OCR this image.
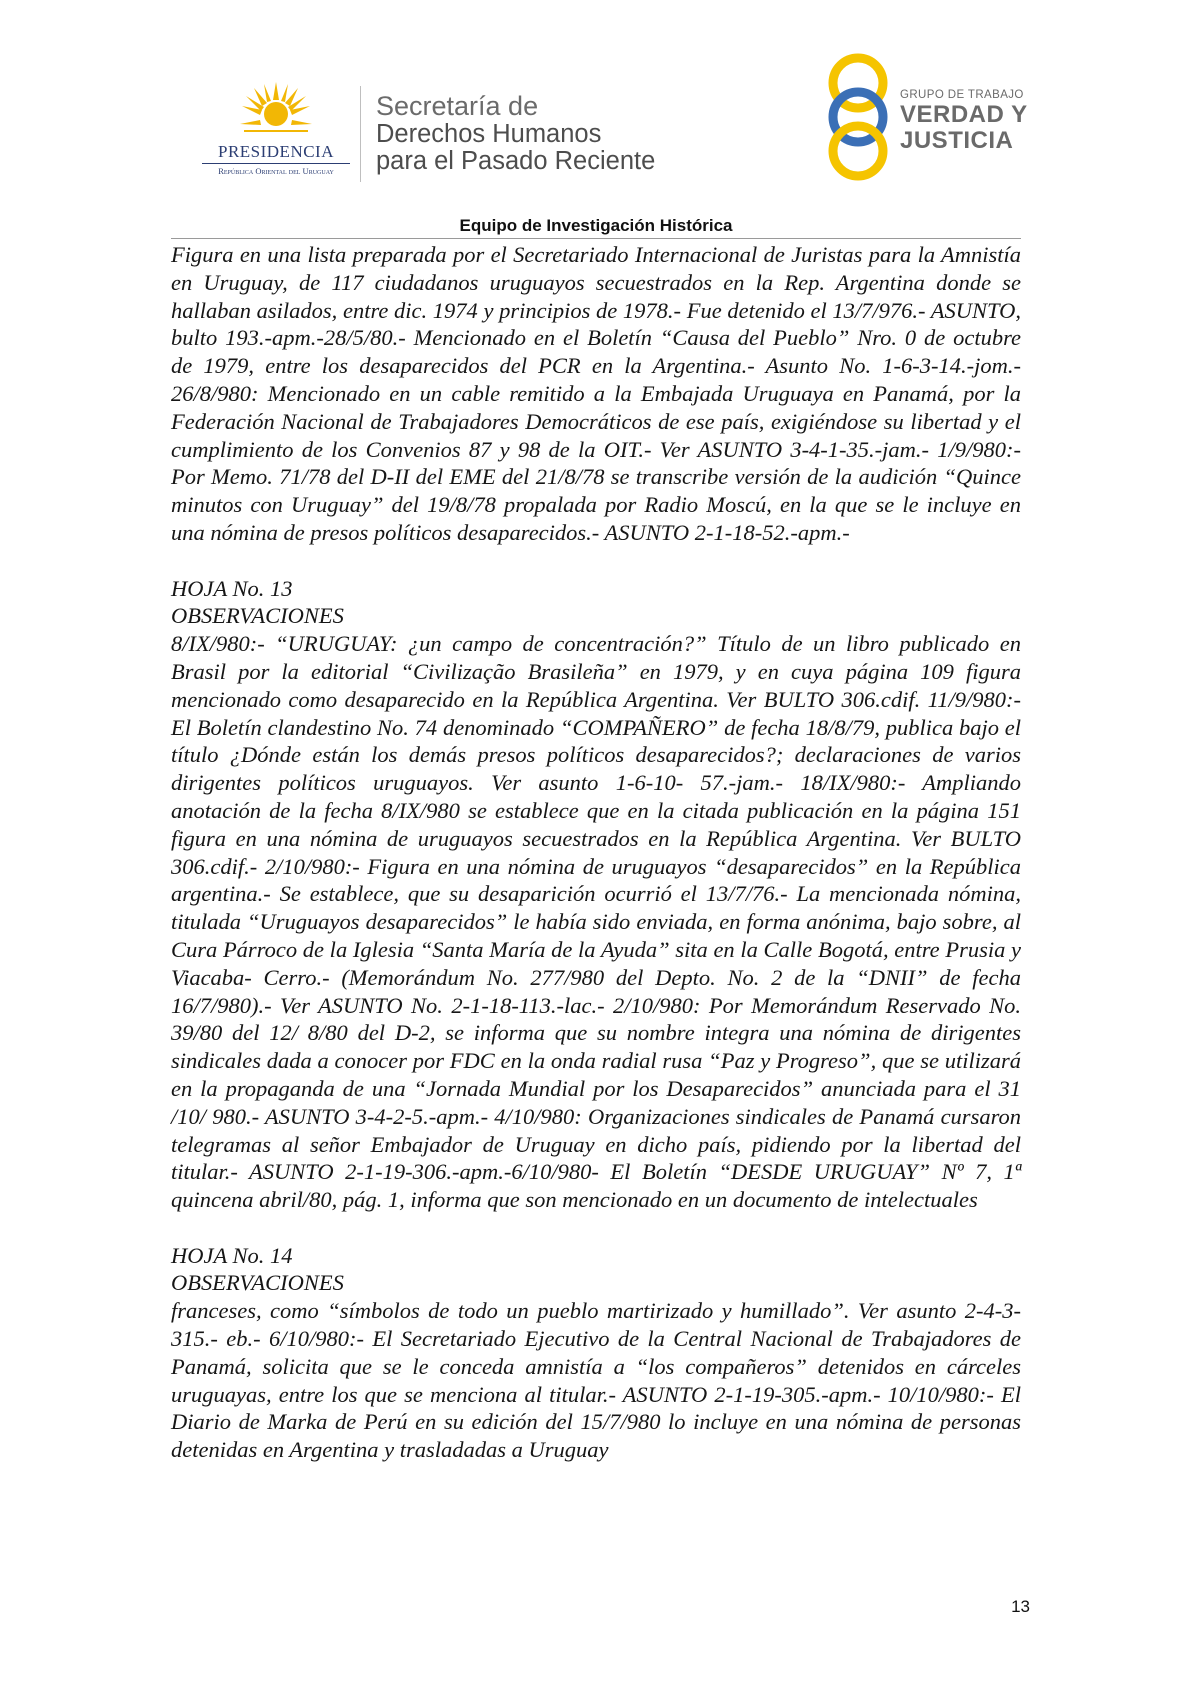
PRESIDENCIA
República Oriental del Uruguay
Secretaría de
Derechos Humanos
para el Pasado Reciente
GRUPO DE TRABAJO
VERDAD Y
JUSTICIA
Equipo de Investigación Histórica

Figura en una lista preparada por el Secretariado Internacional de Juristas para la Amnistía en Uruguay, de 117 ciudadanos uruguayos secuestrados en la Rep. Argentina donde se hallaban asilados, entre dic. 1974 y principios de 1978.- Fue detenido el 13/7/976.- ASUNTO, bulto 193.-apm.-28/5/80.- Mencionado en el Boletín “Causa del Pueblo” Nro. 0 de octubre de 1979, entre los desaparecidos del PCR en la Argentina.- Asunto No. 1-6-3-14.-jom.- 26/8/980: Mencionado en un cable remitido a la Embajada Uruguaya en Panamá, por la Federación Nacional de Trabajadores Democráticos de ese país, exigiéndose su libertad y el cumplimiento de los Convenios 87 y 98 de la OIT.- Ver ASUNTO 3-4-1-35.-jam.- 1/9/980:- Por Memo. 71/78 del D-II del EME del 21/8/78 se transcribe versión de la audición “Quince minutos con Uruguay” del 19/8/78 propalada por Radio Moscú, en la que se le incluye en una nómina de presos políticos desaparecidos.- ASUNTO 2-1-18-52.-apm.-

HOJA No. 13

OBSERVACIONES

8/IX/980:- “URUGUAY: ¿un campo de concentración?” Título de un libro publicado en Brasil por la editorial “Civilização Brasileña” en 1979, y en cuya página 109 figura mencionado como desaparecido en la República Argentina. Ver BULTO 306.cdif. 11/9/980:- El Boletín clandestino No. 74 denominado “COMPAÑERO” de fecha 18/8/79, publica bajo el título ¿Dónde están los demás presos políticos desaparecidos?; declaraciones de varios dirigentes políticos uruguayos. Ver asunto 1-6-10- 57.-jam.- 18/IX/980:- Ampliando anotación de la fecha 8/IX/980 se establece que en la citada publicación en la página 151 figura en una nómina de uruguayos secuestrados en la República Argentina. Ver BULTO 306.cdif.- 2/10/980:- Figura en una nómina de uruguayos “desaparecidos” en la República argentina.- Se establece, que su desaparición ocurrió el 13/7/76.- La mencionada nómina, titulada “Uruguayos desaparecidos” le había sido enviada, en forma anónima, bajo sobre, al Cura Párroco de la Iglesia “Santa María de la Ayuda” sita en la Calle Bogotá, entre Prusia y Viacaba- Cerro.- (Memorándum No. 277/980 del Depto. No. 2 de la “DNII” de fecha 16/7/980).- Ver ASUNTO No. 2-1-18-113.-lac.- 2/10/980: Por Memorándum Reservado No. 39/80 del 12/ 8/80 del D-2, se informa que su nombre integra una nómina de dirigentes sindicales dada a conocer por FDC en la onda radial rusa “Paz y Progreso”, que se utilizará en la propaganda de una “Jornada Mundial por los Desaparecidos” anunciada para el 31 /10/ 980.- ASUNTO 3-4-2-5.-apm.- 4/10/980: Organizaciones sindicales de Panamá cursaron telegramas al señor Embajador de Uruguay en dicho país, pidiendo por la libertad del titular.- ASUNTO 2-1-19-306.-apm.-6/10/980- El Boletín “DESDE URUGUAY” Nº 7, 1ª quincena abril/80, pág. 1, informa que son mencionado en un documento de intelectuales

HOJA No. 14

OBSERVACIONES

franceses, como “símbolos de todo un pueblo martirizado y humillado”. Ver asunto 2-4-3-315.- eb.- 6/10/980:- El Secretariado Ejecutivo de la Central Nacional de Trabajadores de Panamá, solicita que se le conceda amnistía a “los compañeros” detenidos en cárceles uruguayas, entre los que se menciona al titular.- ASUNTO 2-1-19-305.-apm.- 10/10/980:- El Diario de Marka de Perú en su edición del 15/7/980 lo incluye en una nómina de personas detenidas en Argentina y trasladadas a Uruguay

13
